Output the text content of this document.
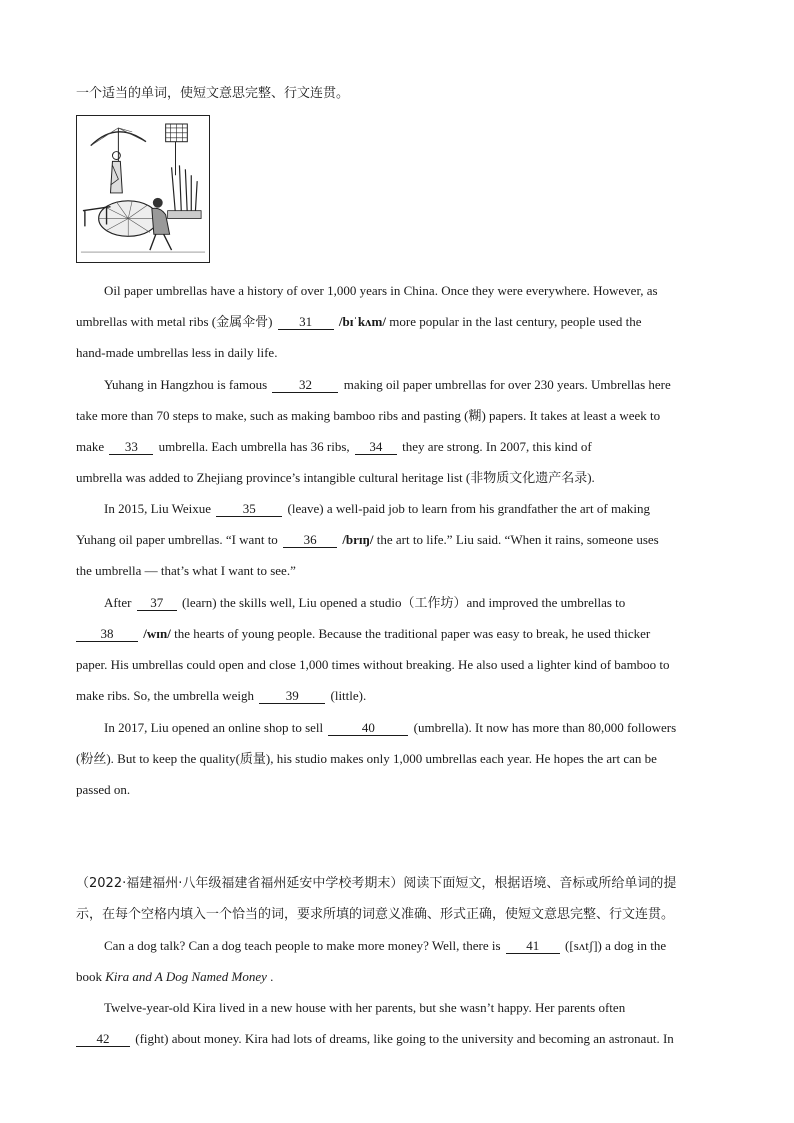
一个适当的单词，使短文意思完整、行文连贯。
Oil paper umbrellas have a history of over 1,000 years in China. Once they were everywhere. However, as
umbrellas with metal ribs (金属伞骨) 31 /bɪˈkʌm/ more popular in the last century, people used the
hand-made umbrellas less in daily life.
Yuhang in Hangzhou is famous 32 making oil paper umbrellas for over 230 years. Umbrellas here
take more than 70 steps to make, such as making bamboo ribs and pasting (糊) papers. It takes at least a week to
make 33 umbrella. Each umbrella has 36 ribs, 34 they are strong. In 2007, this kind of
umbrella was added to Zhejiang province’s intangible cultural heritage list (非物质文化遗产名录).
In 2015, Liu Weixue 35 (leave) a well-paid job to learn from his grandfather the art of making
Yuhang oil paper umbrellas. “I want to 36 /brɪŋ/ the art to life.” Liu said. “When it rains, someone uses
the umbrella — that’s what I want to see.”
After 37 (learn) the skills well, Liu opened a studio（工作坊）and improved the umbrellas to
38 /wɪn/ the hearts of young people. Because the traditional paper was easy to break, he used thicker
paper. His umbrellas could open and close 1,000 times without breaking. He also used a lighter kind of bamboo to
make ribs. So, the umbrella weigh 39 (little).
In 2017, Liu opened an online shop to sell	40	(umbrella). It now has more than 80,000 followers
(粉丝). But to keep the quality(质量), his studio makes only 1,000 umbrellas each year. He hopes the art can be
passed on.
（2022·福建福州·八年级福建省福州延安中学校考期末）阅读下面短文，根据语境、音标或所给单词的提
示，在每个空格内填入一个恰当的词，要求所填的词意义准确、形式正确，使短文意思完整、行文连贯。
Can a dog talk? Can a dog teach people to make more money? Well, there is 41 ([sʌtʃ]) a dog in the
book Kira and A Dog Named Money .
Twelve-year-old Kira lived in a new house with her parents, but she wasn’t happy. Her parents often
42 (fight) about money. Kira had lots of dreams, like going to the university and becoming an astronaut. In
